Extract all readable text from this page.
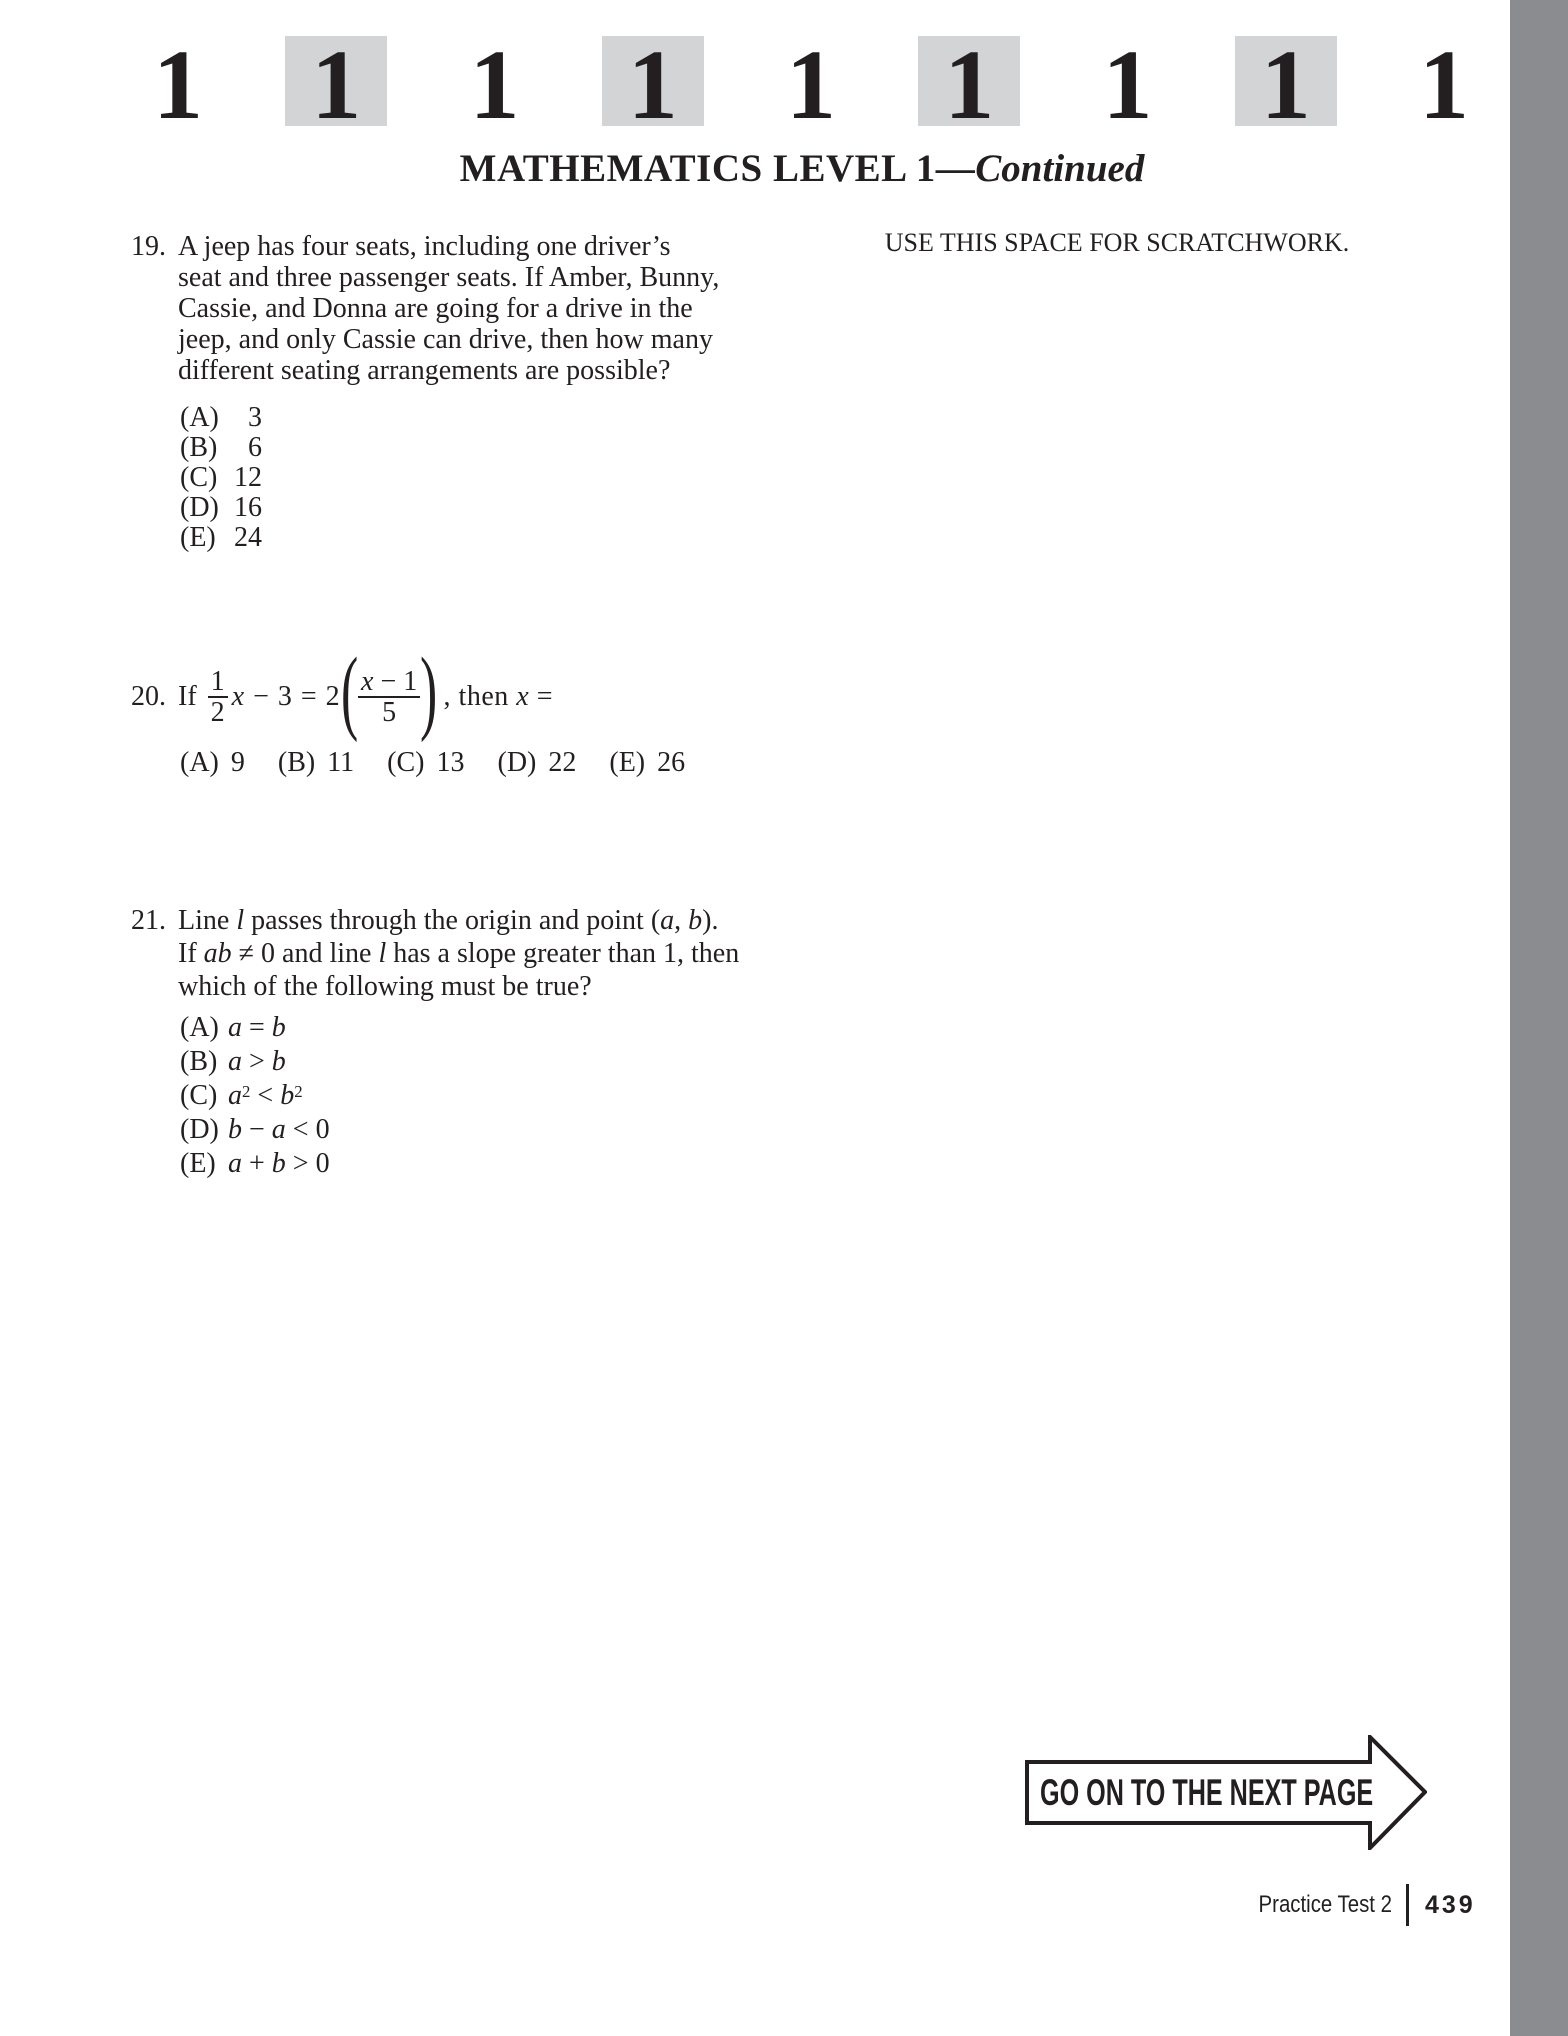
1 1 1 1 1 1 1 1 1
MATHEMATICS LEVEL 1—Continued
USE THIS SPACE FOR SCRATCHWORK.
19. A jeep has four seats, including one driver’s
seat and three passenger seats. If Amber, Bunny,
Cassie, and Donna are going for a drive in the
jeep, and only Cassie can drive, then how many
different seating arrangements are possible?
(A)	3
(B)	6
(C) 12
(D) 16
(E) 24
20. If $\frac{1}{2}$ x − 3 = 2 ( $\frac{x - 1}{5}$ ) , then x =
(A) 9 (B) 11 (C) 13 (D) 22 (E) 26
21. Line l passes through the origin and point (a, b).
If ab ≠ 0 and line l has a slope greater than 1, then
which of the following must be true?
(A) a = b
(B) a > b
(C) $a^2 < b^2$
(D) b − a < 0
(E) a + b > 0
GO ON TO THE NEXT PAGE
Practice Test 2 439
